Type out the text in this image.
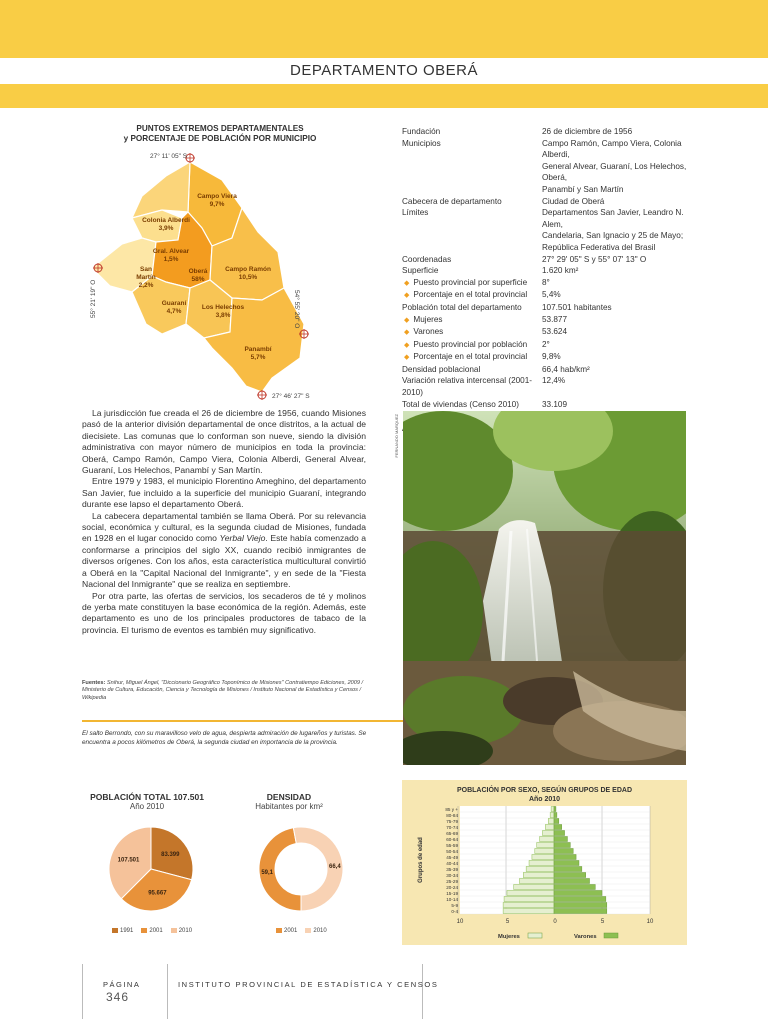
DEPARTAMENTO OBERÁ
PUNTOS EXTREMOS DEPARTAMENTALES
y PORCENTAJE DE POBLACIÓN POR MUNICIPIO
27° 11' 05" S
27° 46' 27" S
55° 21' 19" O	54° 55' 20" O
Campo Viera
9,7%
Colonia Alberdi
3,9%
Gral. Alvear
1,5%
San
Martín
2,2%
Oberá
58%
Campo Ramón
10,5%
Guaraní
4,7%
Los Helechos
3,8%
Panambí
5,7%
Fundación	26 de diciembre de 1956
Municipios	Campo Ramón, Campo Viera, Colonia Alberdi,
General Alvear, Guaraní, Los Helechos, Oberá,
Panambí y San Martín
Cabecera de departamento	Ciudad de Oberá
Límites	Departamentos San Javier, Leandro N. Alem,
Candelaria, San Ignacio y 25 de Mayo;
República Federativa del Brasil
Coordenadas	27° 29' 05" S y 55° 07' 13" O
Superficie	1.620 km²
◆ Puesto provincial por superficie	8°
◆ Porcentaje en el total provincial	5,4%
Población total del departamento	107.501 habitantes
◆ Mujeres	53.877
◆ Varones	53.624
◆ Puesto provincial por población	2°
◆ Porcentaje en el total provincial	9,8%
Densidad poblacional	66,4 hab/km²
Variación relativa intercensal (2001-2010)
12,4%
Total de viviendas (Censo 2010)	33.109

La jurisdicción fue creada el 26 de diciembre de 1956, cuando Misiones pasó de la anterior división departamental de once distritos, a la actual de diecisiete. Las comunas que lo conforman son nueve, siendo la división administrativa con mayor número de municipios en toda la provincia: Oberá, Campo Ramón, Campo Viera, Colonia Alberdi, General Alvear, Guaraní, Los Helechos, Panambí y San Martín.

Entre 1979 y 1983, el municipio Florentino Ameghino, del departamento San Javier, fue incluido a la superficie del municipio Guaraní, integrando durante ese lapso el departamento Oberá.

La cabecera departamental también se llama Oberá. Por su relevancia social, económica y cultural, es la segunda ciudad de Misiones, fundada en 1928 en el lugar conocido como Yerbal Viejo. Este había comenzado a conformarse a principios del siglo XX, cuando recibió inmigrantes de diversos orígenes. Con los años, esta característica multicultural convirtió a Oberá en la "Capital Nacional del Inmigrante", y en sede de la "Fiesta Nacional del Inmigrante" que se realiza en septiembre.

Por otra parte, las ofertas de servicios, los secaderos de té y molinos de yerba mate constituyen la base económica de la región. Además, este departamento es uno de los principales productores de tabaco de la provincia. El turismo de eventos es también muy significativo.

Fuentes: Snihur, Miguel Ángel, "Diccionario Geográfico Toponímico de Misiones" Contratiempo Ediciones, 2009 / Ministerio de Cultura, Educación, Ciencia y Tecnología de Misiones / Instituto Nacional de Estadística y Censos / Wikipedia
El salto Berrondo, con su maravilloso velo de agua, despierta admiración de lugareños y turistas. Se encuentra a pocos kilómetros de Oberá, la segunda ciudad en importancia de la provincia.
FERNANDO MARQUEZ
POBLACIÓN TOTAL 107.501
Año 2010
83.399
95.667
107.501
1991	2001	2010
DENSIDAD
Habitantes por km²
59,1
66,4
2001	2010
POBLACIÓN POR SEXO, SEGÚN GRUPOS DE EDAD
Año 2010
85 y +
80-84
75-79
70-74
65-69
60-64
55-59
50-54
45-49
40-44
35-39
30-34
25-29
20-24
15-19
10-14
5-9
0-4
10	5	0	5	10
Grupos de edad
Mujeres	Varones
PÁGINA
346
INSTITUTO PROVINCIAL DE ESTADÍSTICA Y CENSOS
